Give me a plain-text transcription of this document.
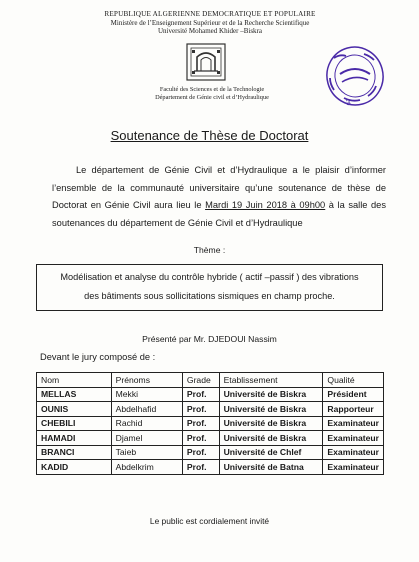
REPUBLIQUE ALGERIENNE DEMOCRATIQUE ET POPULAIRE
Ministère de l’Enseignement Supérieur et de la Recherche Scientifique
Université Mohamed Khider –Biskra
Faculté des Sciences et de la Technologie
Département de Génie civil et d’Hydraulique
3
Soutenance de Thèse de Doctorat
Le département de Génie Civil et d’Hydraulique a le plaisir d’informer l’ensemble de la communauté universitaire qu’une soutenance de thèse de Doctorat en Génie Civil aura lieu le Mardi 19 Juin 2018 à 09h00 à la salle des soutenances du département de Génie Civil et d’Hydraulique
Thème :
Modélisation et analyse du contrôle hybride ( actif –passif ) des vibrations
des bâtiments sous sollicitations sismiques en champ proche.
Présenté par Mr. DJEDOUI Nassim
Devant le jury composé de :
Nom	Prénoms	Grade	Etablissement	Qualité
MELLAS	Mekki	Prof.	Université de Biskra	Président
OUNIS	Abdelhafid	Prof.	Université de Biskra	Rapporteur
CHEBILI	Rachid	Prof.	Université de Biskra	Examinateur
HAMADI	Djamel	Prof.	Université de Biskra	Examinateur
BRANCI	Taieb	Prof.	Université de Chlef	Examinateur
KADID	Abdelkrim	Prof.	Université de Batna	Examinateur
Le public est cordialement invité
